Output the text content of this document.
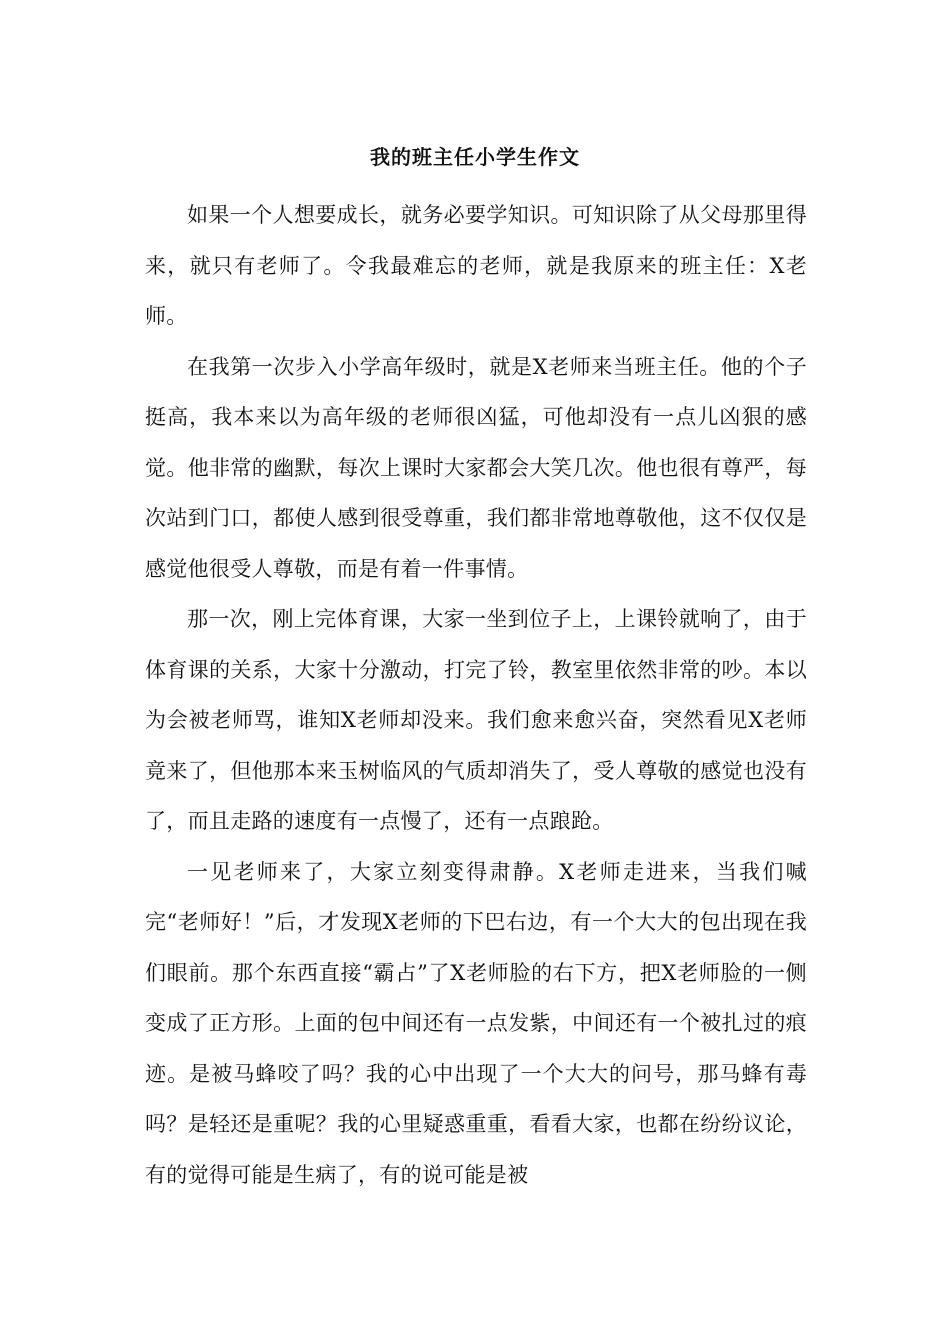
我的班主任小学生作文

如果一个人想要成长，就务必要学知识。可知识除了从父母那里得来，就只有老师了。令我最难忘的老师，就是我原来的班主任：X老师。

在我第一次步入小学高年级时，就是X老师来当班主任。他的个子挺高，我本来以为高年级的老师很凶猛，可他却没有一点儿凶狠的感觉。他非常的幽默，每次上课时大家都会大笑几次。他也很有尊严，每次站到门口，都使人感到很受尊重，我们都非常地尊敬他，这不仅仅是感觉他很受人尊敬，而是有着一件事情。

那一次，刚上完体育课，大家一坐到位子上，上课铃就响了，由于体育课的关系，大家十分激动，打完了铃，教室里依然非常的吵。本以为会被老师骂，谁知X老师却没来。我们愈来愈兴奋，突然看见X老师竟来了，但他那本来玉树临风的气质却消失了，受人尊敬的感觉也没有了，而且走路的速度有一点慢了，还有一点踉跄。

一见老师来了，大家立刻变得肃静。X老师走进来，当我们喊完“老师好！”后，才发现X老师的下巴右边，有一个大大的包出现在我们眼前。那个东西直接“霸占”了X老师脸的右下方，把X老师脸的一侧变成了正方形。上面的包中间还有一点发紫，中间还有一个被扎过的痕迹。是被马蜂咬了吗？我的心中出现了一个大大的问号，那马蜂有毒吗？是轻还是重呢？我的心里疑惑重重，看看大家，也都在纷纷议论，有的觉得可能是生病了，有的说可能是被
